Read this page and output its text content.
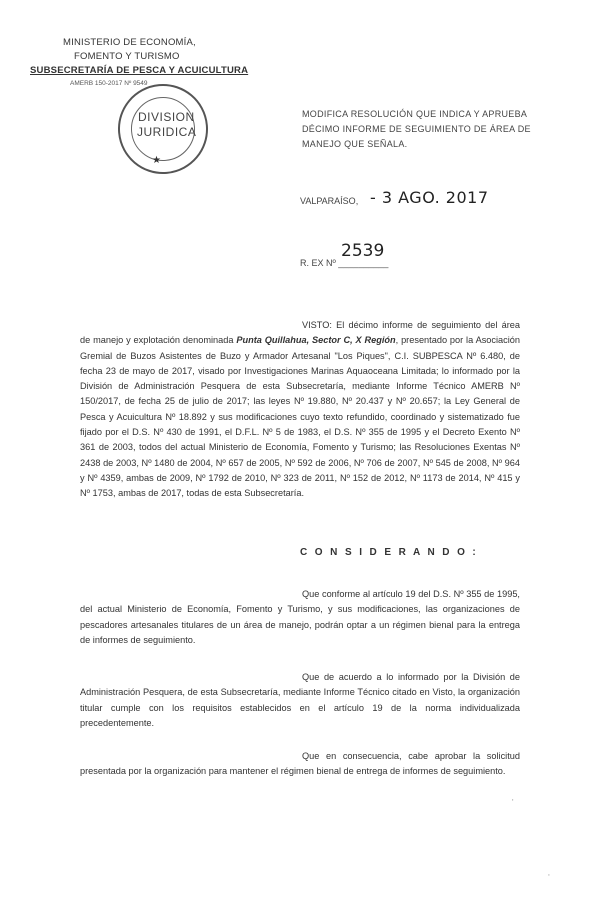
MINISTERIO DE ECONOMÍA,
FOMENTO Y TURISMO
SUBSECRETARÍA DE PESCA Y ACUICULTURA
AMERB 150-2017 Nº 9549
DIVISION
JURIDICA
★
MODIFICA RESOLUCIÓN QUE INDICA Y APRUEBA DÉCIMO INFORME DE SEGUIMIENTO DE ÁREA DE MANEJO QUE SEÑALA.
VALPARAÍSO, - 3 AGO. 2017
2539
R. EX Nº __________
VISTO: El décimo informe de seguimiento del área de manejo y explotación denominada Punta Quillahua, Sector C, X Región, presentado por la Asociación Gremial de Buzos Asistentes de Buzo y Armador Artesanal "Los Piques", C.I. SUBPESCA Nº 6.480, de fecha 23 de mayo de 2017, visado por Investigaciones Marinas Aquaoceana Limitada; lo informado por la División de Administración Pesquera de esta Subsecretaría, mediante Informe Técnico AMERB Nº 150/2017, de fecha 25 de julio de 2017; las leyes Nº 19.880, Nº 20.437 y Nº 20.657; la Ley General de Pesca y Acuicultura Nº 18.892 y sus modificaciones cuyo texto refundido, coordinado y sistematizado fue fijado por el D.S. Nº 430 de 1991, el D.F.L. Nº 5 de 1983, el D.S. Nº 355 de 1995 y el Decreto Exento Nº 361 de 2003, todos del actual Ministerio de Economía, Fomento y Turismo; las Resoluciones Exentas Nº 2438 de 2003, Nº 1480 de 2004, Nº 657 de 2005, Nº 592 de 2006, Nº 706 de 2007, Nº 545 de 2008, Nº 964 y Nº 4359, ambas de 2009, Nº 1792 de 2010, Nº 323 de 2011, Nº 152 de 2012, Nº 1173 de 2014, Nº 415 y Nº 1753, ambas de 2017, todas de esta Subsecretaría.
C O N S I D E R A N D O :
Que conforme al artículo 19 del D.S. Nº 355 de 1995, del actual Ministerio de Economía, Fomento y Turismo, y sus modificaciones, las organizaciones de pescadores artesanales titulares de un área de manejo, podrán optar a un régimen bienal para la entrega de informes de seguimiento.
Que de acuerdo a lo informado por la División de Administración Pesquera, de esta Subsecretaría, mediante Informe Técnico citado en Visto, la organización titular cumple con los requisitos establecidos en el artículo 19 de la norma individualizada precedentemente.
Que en consecuencia, cabe aprobar la solicitud presentada por la organización para mantener el régimen bienal de entrega de informes de seguimiento.
'
‚
